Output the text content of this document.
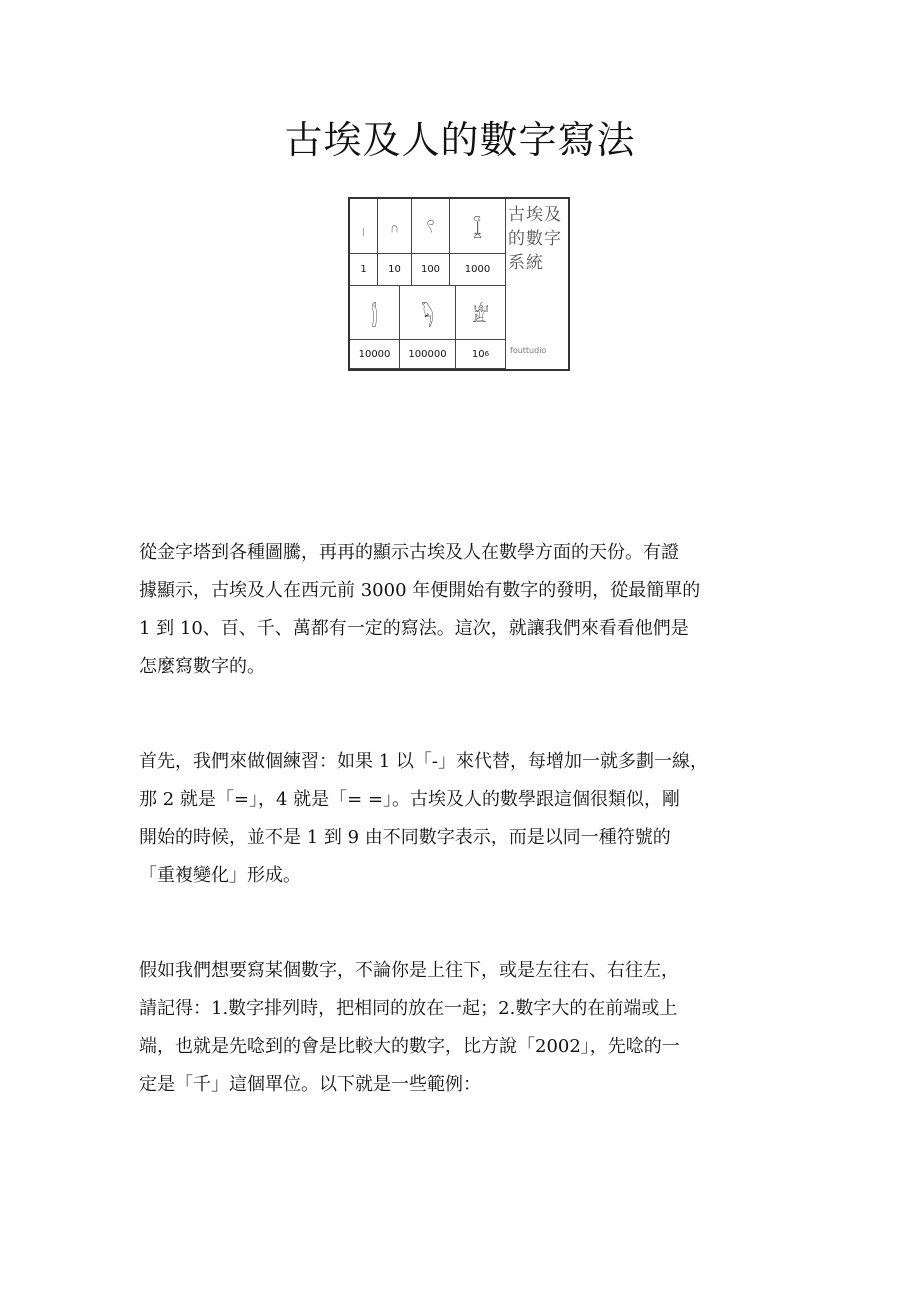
古埃及人的數字寫法
𓏺	𓎆	𓍢	𓆼
1	10	100	1000
𓂭	𓆐	𓁨
10000	100000	10 6
古埃及
的數字
系統
fouttudio
從金字塔到各種圖騰，再再的顯示古埃及人在數學方面的天份。有證
據顯示，古埃及人在西元前 3000 年便開始有數字的發明，從最簡單的
1 到 10、百、千、萬都有一定的寫法。這次，就讓我們來看看他們是
怎麼寫數字的。
首先，我們來做個練習：如果 1 以「-」來代替，每增加一就多劃一線，
那 2 就是「=」，4 就是「= =」。古埃及人的數學跟這個很類似，剛
開始的時候，並不是 1 到 9 由不同數字表示，而是以同一種符號的
「重複變化」形成。
假如我們想要寫某個數字，不論你是上往下，或是左往右、右往左，
請記得：1.數字排列時，把相同的放在一起；2.數字大的在前端或上
端，也就是先唸到的會是比較大的數字，比方說「2002」，先唸的一
定是「千」這個單位。以下就是一些範例：
